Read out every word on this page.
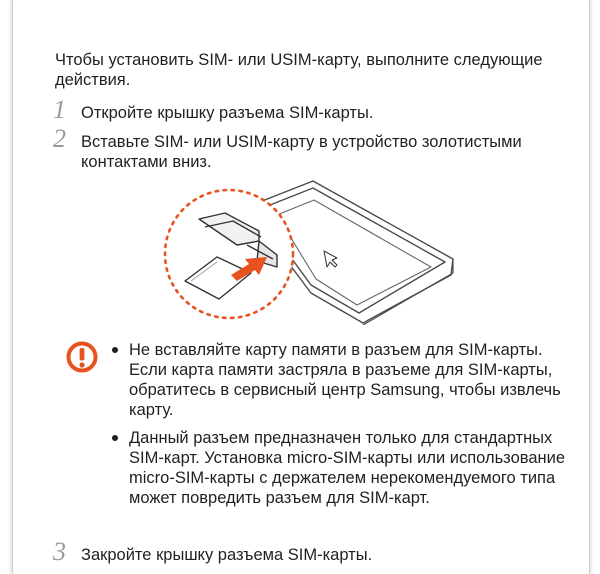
Чтобы установить SIM- или USIM-карту, выполните следующие действия.

1 Откройте крышку разъема SIM-карты.
2 Вставьте SIM- или USIM-карту в устройство золотистыми контактами вниз.
Не вставляйте карту памяти в разъем для SIM-карты. Если карта памяти застряла в разъеме для SIM-карты, обратитесь в сервисный центр Samsung, чтобы извлечь карту.
Данный разъем предназначен только для стандартных SIM-карт. Установка micro-SIM-карты или использование micro-SIM-карты с держателем нерекомендуемого типа может повредить разъем для SIM-карт.
3 Закройте крышку разъема SIM-карты.
